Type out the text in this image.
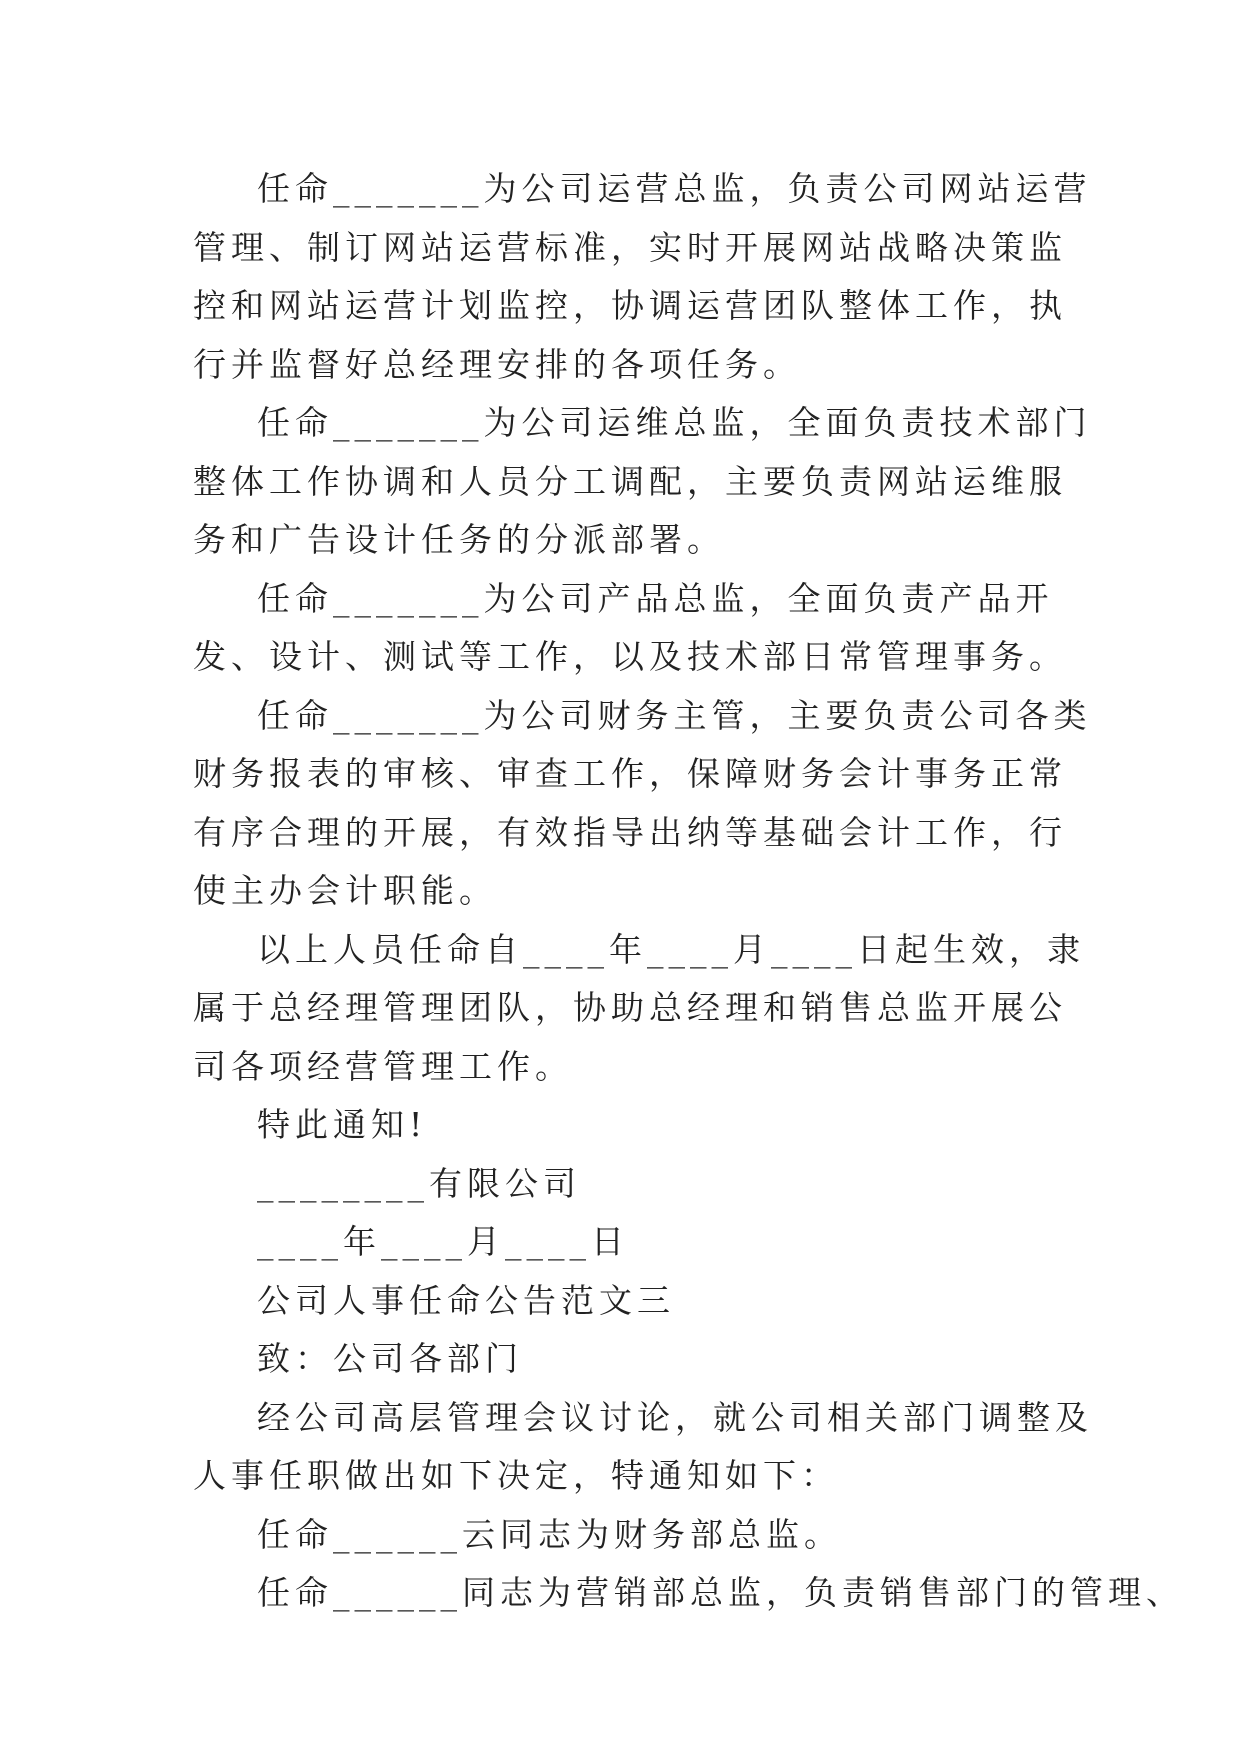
任命_______为公司运营总监，负责公司网站运营管理、制订网站运营标准，实时开展网站战略决策监控和网站运营计划监控，协调运营团队整体工作，执行并监督好总经理安排的各项任务。

任命_______为公司运维总监，全面负责技术部门整体工作协调和人员分工调配，主要负责网站运维服务和广告设计任务的分派部署。

任命_______为公司产品总监，全面负责产品开发、设计、测试等工作，以及技术部日常管理事务。

任命_______为公司财务主管，主要负责公司各类财务报表的审核、审查工作，保障财务会计事务正常有序合理的开展，有效指导出纳等基础会计工作，行使主办会计职能。

以上人员任命自____年____月____日起生效，隶属于总经理管理团队，协助总经理和销售总监开展公司各项经营管理工作。

特此通知!

________有限公司

____年____月____日

公司人事任命公告范文三

致：公司各部门

经公司高层管理会议讨论，就公司相关部门调整及人事任职做出如下决定，特通知如下：

任命______云同志为财务部总监。

任命______同志为营销部总监，负责销售部门的管理、
